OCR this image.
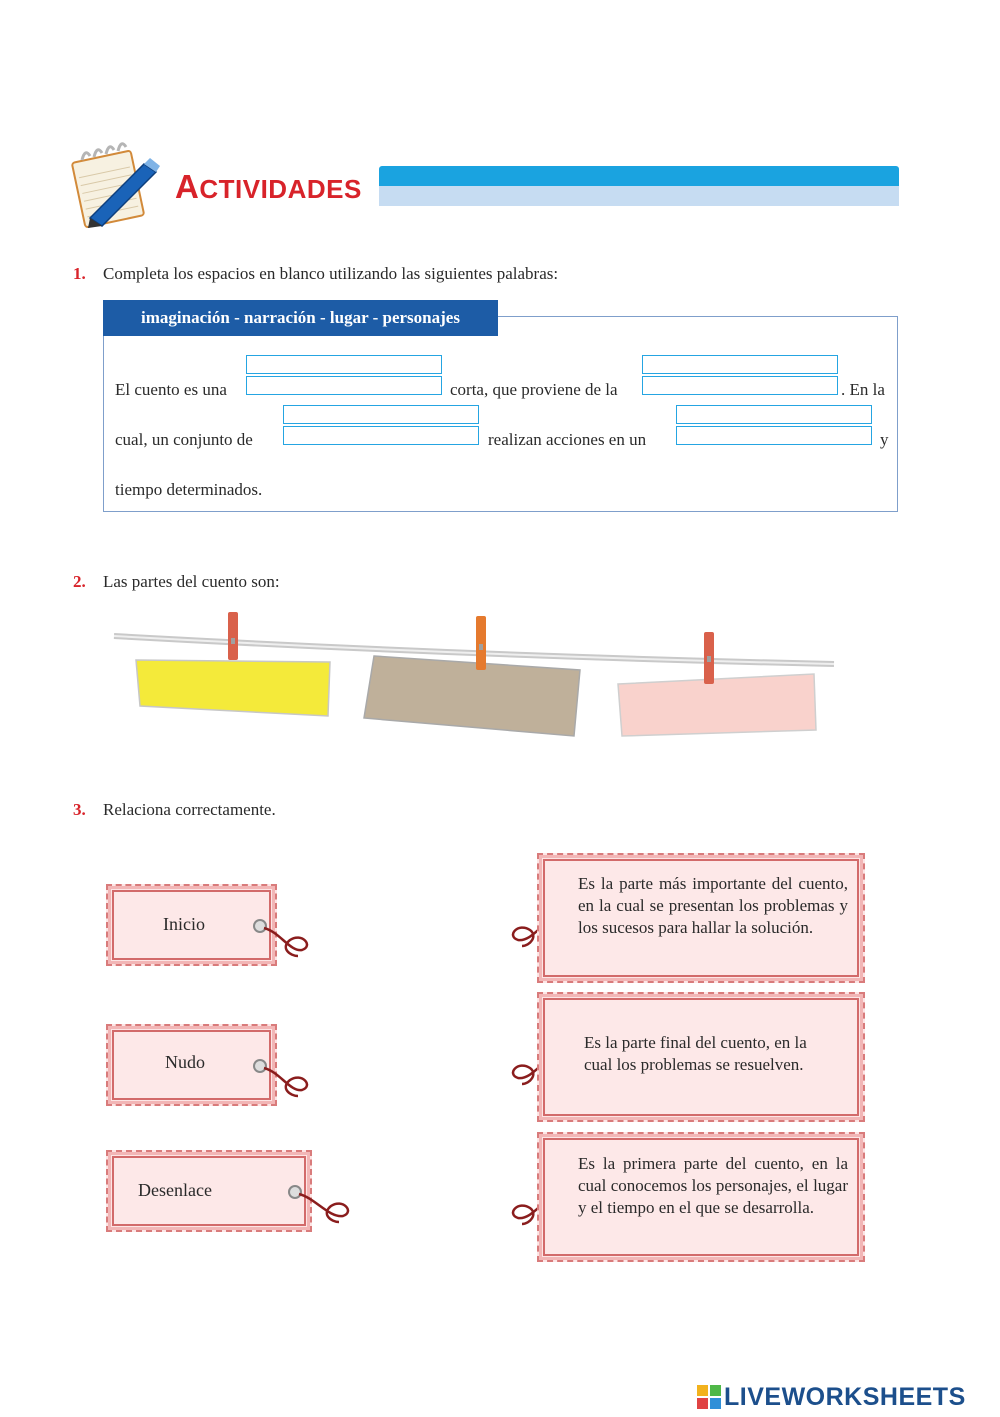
ACTIVIDADES
1. Completa los espacios en blanco utilizando las siguientes palabras:
imaginación - narración - lugar - personajes
El cuento es una	corta, que proviene de la	. En la
cual, un conjunto de	realizan acciones en un	y
tiempo determinados.
2. Las partes del cuento son:
3. Relaciona correctamente.
Inicio
Nudo
Desenlace
Es la parte más importante del cuento, en la cual se presentan los problemas y los sucesos para hallar la solución.
Es la parte final del cuento, en la cual los problemas se resuelven.
Es la primera parte del cuento, en la cual conocemos los personajes, el lugar y el tiempo en el que se desarrolla.
LIVEWORKSHEETS
